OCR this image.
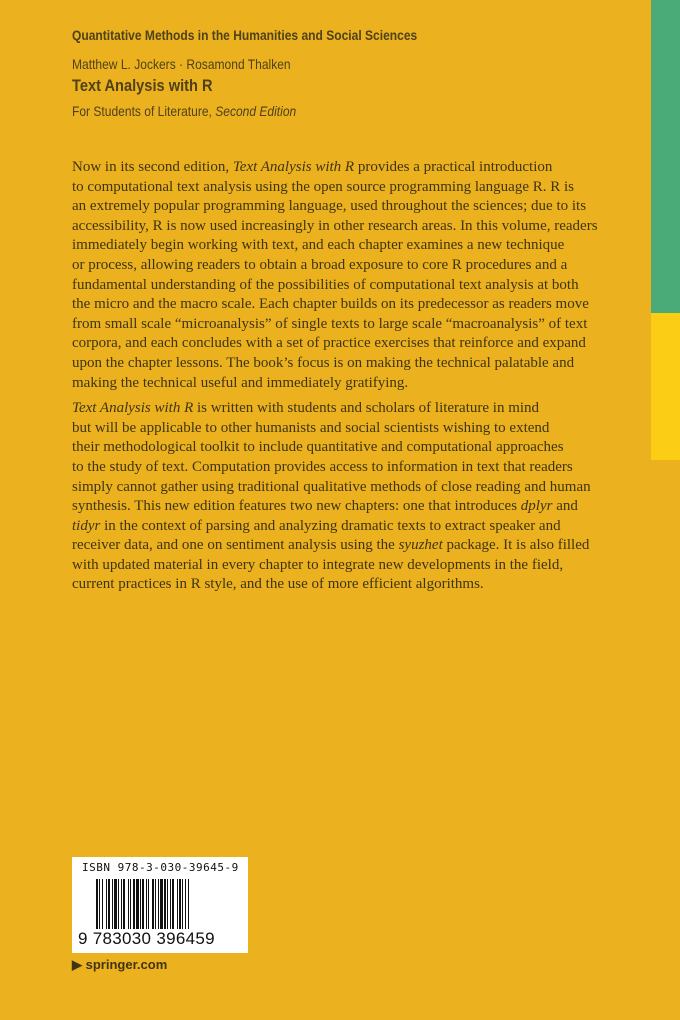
Quantitative Methods in the Humanities and Social Sciences
Matthew L. Jockers · Rosamond Thalken
Text Analysis with R
For Students of Literature, Second Edition
Now in its second edition, Text Analysis with R provides a practical introduction
to computational text analysis using the open source programming language R. R is
an extremely popular programming language, used throughout the sciences; due to its
accessibility, R is now used increasingly in other research areas. In this volume, readers
immediately begin working with text, and each chapter examines a new technique
or process, allowing readers to obtain a broad exposure to core R procedures and a
fundamental understanding of the possibilities of computational text analysis at both
the micro and the macro scale. Each chapter builds on its predecessor as readers move
from small scale “microanalysis” of single texts to large scale “macroanalysis” of text
corpora, and each concludes with a set of practice exercises that reinforce and expand
upon the chapter lessons. The book’s focus is on making the technical palatable and
making the technical useful and immediately gratifying.
Text Analysis with R is written with students and scholars of literature in mind
but will be applicable to other humanists and social scientists wishing to extend
their methodological toolkit to include quantitative and computational approaches
to the study of text. Computation provides access to information in text that readers
simply cannot gather using traditional qualitative methods of close reading and human
synthesis. This new edition features two new chapters: one that introduces dplyr and
tidyr in the context of parsing and analyzing dramatic texts to extract speaker and
receiver data, and one on sentiment analysis using the syuzhet package. It is also filled
with updated material in every chapter to integrate new developments in the field,
current practices in R style, and the use of more efficient algorithms.
ISBN 978-3-030-39645-9
9 783030 396459
▶ springer.com
